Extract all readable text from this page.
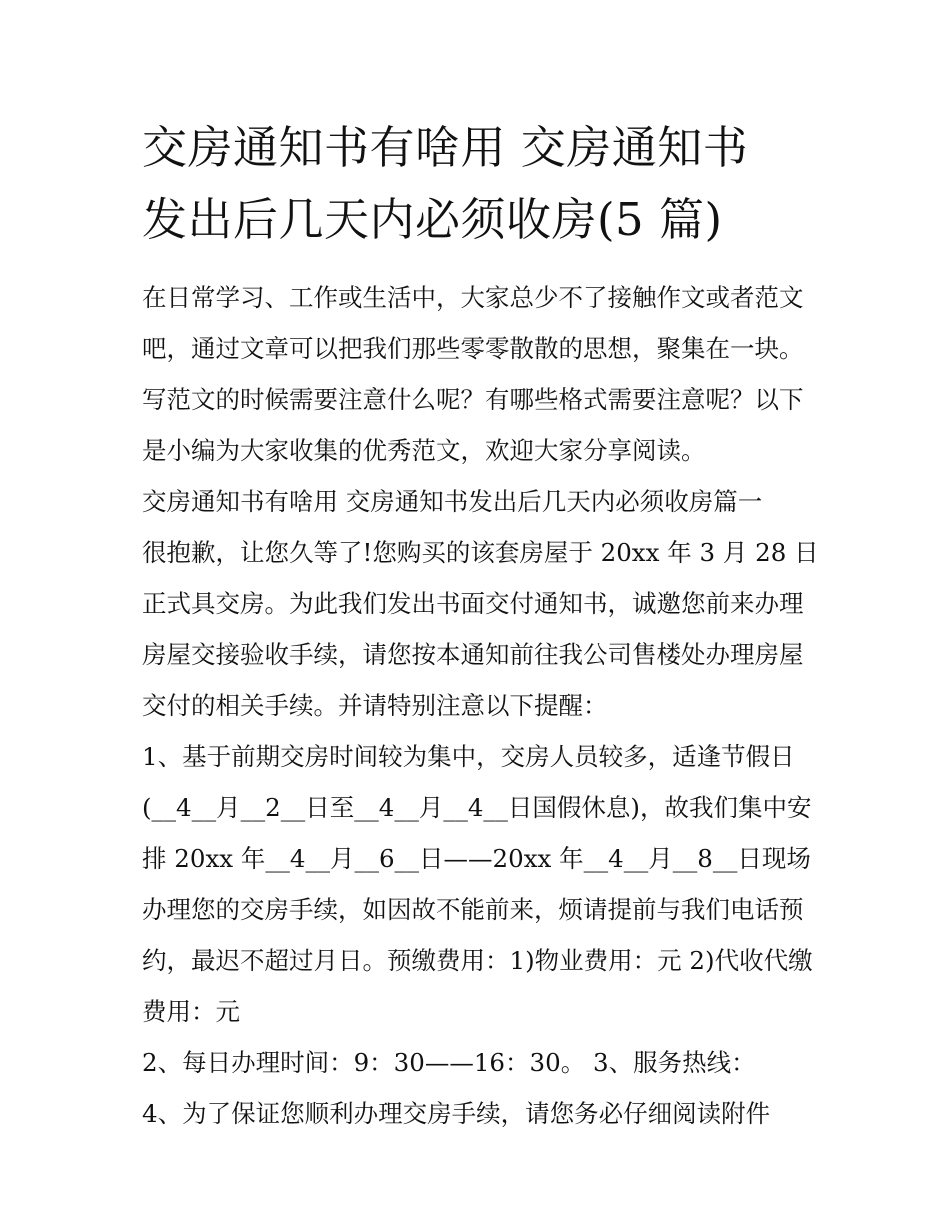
交房通知书有啥用 交房通知书
发出后几天内必须收房(5 篇)

在日常学习、工作或生活中，大家总少不了接触作文或者范文吧，通过文章可以把我们那些零零散散的思想，聚集在一块。写范文的时候需要注意什么呢？有哪些格式需要注意呢？以下是小编为大家收集的优秀范文，欢迎大家分享阅读。

交房通知书有啥用 交房通知书发出后几天内必须收房篇一

很抱歉，让您久等了!您购买的该套房屋于 20xx 年 3 月 28 日正式具交房。为此我们发出书面交付通知书，诚邀您前来办理房屋交接验收手续，请您按本通知前往我公司售楼处办理房屋交付的相关手续。并请特别注意以下提醒：

1、基于前期交房时间较为集中，交房人员较多，适逢节假日(__4__月__2__日至__4__月__4__日国假休息)，故我们集中安排 20xx 年__4__月__6__日——20xx 年__4__月__8__日现场办理您的交房手续，如因故不能前来，烦请提前与我们电话预约，最迟不超过月日。预缴费用：1)物业费用：元 2)代收代缴费用：元

2、每日办理时间：9：30——16：30。 3、服务热线：

4、为了保证您顺利办理交房手续，请您务必仔细阅读附件
